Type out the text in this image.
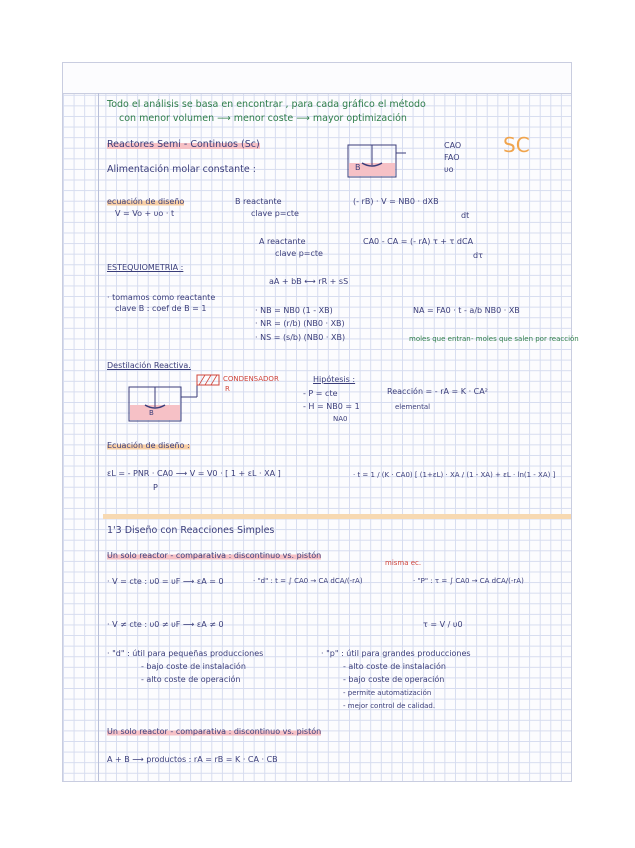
Todo el análisis se basa en encontrar , para cada gráfico el método
con menor volumen ⟶ menor coste ⟶ mayor optimización
SC
Reactores Semi - Continuos (Sc)
Alimentación molar constante :	B
CAO
FAO
υo
ecuación de diseño
V = Vo + υo · t
B reactante
clave p=cte
(- rB) · V = NB0 · dXB
dt
A reactante
clave p=cte
CA0 - CA = (- rA) τ + τ dCA
dτ
ESTEQUIOMETRIA :
aA + bB ⟷ rR + sS
· tomamos como reactante
clave B : coef de B = 1	· NB = NB0 (1 - XB)
· NR = (r/b) (NB0 · XB)
· NS = (s/b) (NB0 · XB)
NA = FA0 · t - a/b NB0 · XB
moles que entran - moles que salen por reacción
Destilación Reactiva.
B
CONDENSADOR
R
Hipótesis :
- P = cte
- H = NB0 = 1
NA0
Reacción = - rA = K · CA²
elemental
Ecuación de diseño :
εL = - PNR · CA0 ⟶ V = V0 · [ 1 + εL · XA ]
P
· t = 1 / (K · CA0) [ (1+εL) · XA / (1 - XA) + εL · ln(1 - XA) ]
1'3 Diseño con Reacciones Simples
Un solo reactor - comparativa : discontinuo vs. pistón
misma ec.
· V = cte : υ0 = υF ⟶ εA = 0	· "d" : t = ∫ CA0 → CA dCA/(-rA)	· "P" : τ = ∫ CA0 → CA dCA/(-rA)
· V ≠ cte : υ0 ≠ υF ⟶ εA ≠ 0	τ = V / υ0
· "d" : útil para pequeñas producciones
- bajo coste de instalación
- alto coste de operación
· "p" : útil para grandes producciones
- alto coste de instalación
- bajo coste de operación
- permite automatización
- mejor control de calidad.
Un solo reactor - comparativa : discontinuo vs. pistón
A + B ⟶ productos : rA = rB = K · CA · CB
